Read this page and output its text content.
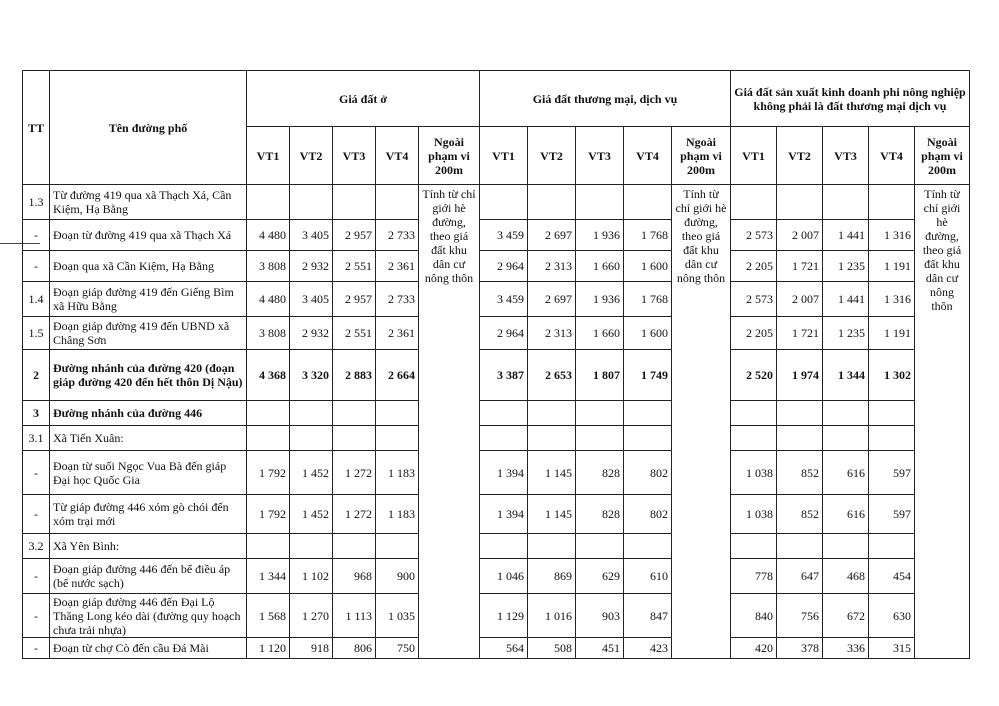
TT	Tên đường phố	Giá đất ở					Giá đất thương mại, dịch vụ					Giá đất sản xuất kinh doanh phi nông nghiệp không phải là đất thương mại dịch vụ				
		VT1	VT2	VT3	VT4	Ngoài phạm vi 200m	VT1	VT2	VT3	VT4	Ngoài phạm vi 200m	VT1	VT2	VT3	VT4	Ngoài phạm vi 200m
1.3	Từ đường 419 qua xã Thạch Xá, Cần Kiệm, Hạ Bằng					Tính từ chỉ giới hè đường, theo giá đất khu dân cư nông thôn					Tính từ chỉ giới hè đường, theo giá đất khu dân cư nông thôn					Tính từ chỉ giới hè đường, theo giá đất khu dân cư nông thôn
-	Đoạn từ đường 419 qua xã Thạch Xá	4 480	3 405	2 957	2 733		3 459	2 697	1 936	1 768		2 573	2 007	1 441	1 316	
-	Đoạn qua xã Cần Kiệm, Hạ Bằng	3 808	2 932	2 551	2 361		2 964	2 313	1 660	1 600		2 205	1 721	1 235	1 191	
1.4	Đoạn giáp đường 419 đến Giếng Bìm xã Hữu Bằng	4 480	3 405	2 957	2 733		3 459	2 697	1 936	1 768		2 573	2 007	1 441	1 316	
1.5	Đoạn giáp đường 419 đến UBND xã Châng Sơn	3 808	2 932	2 551	2 361		2 964	2 313	1 660	1 600		2 205	1 721	1 235	1 191	
2	Đường nhánh của đường 420 (đoạn giáp đường 420 đến hết thôn Dị Nậu)	4 368	3 320	2 883	2 664		3 387	2 653	1 807	1 749		2 520	1 974	1 344	1 302	
3	Đường nhánh của đường 446															
3.1	Xã Tiến Xuân:															
-	Đoạn từ suối Ngọc Vua Bà đến giáp Đại học Quốc Gia	1 792	1 452	1 272	1 183		1 394	1 145	828	802		1 038	852	616	597	
-	Từ giáp đường 446 xóm gò chói đến xóm trại mới	1 792	1 452	1 272	1 183		1 394	1 145	828	802		1 038	852	616	597	
3.2	Xã Yên Bình:															
-	Đoạn giáp đường 446 đến bể điều áp (bể nước sạch)	1 344	1 102	968	900		1 046	869	629	610		778	647	468	454	
-	Đoạn giáp đường 446 đến Đại Lộ Thăng Long kéo dài (đường quy hoạch chưa trải nhựa)	1 568	1 270	1 113	1 035		1 129	1 016	903	847		840	756	672	630	
-	Đoạn từ chợ Cò đến cầu Đá Mài	1 120	918	806	750		564	508	451	423		420	378	336	315	
